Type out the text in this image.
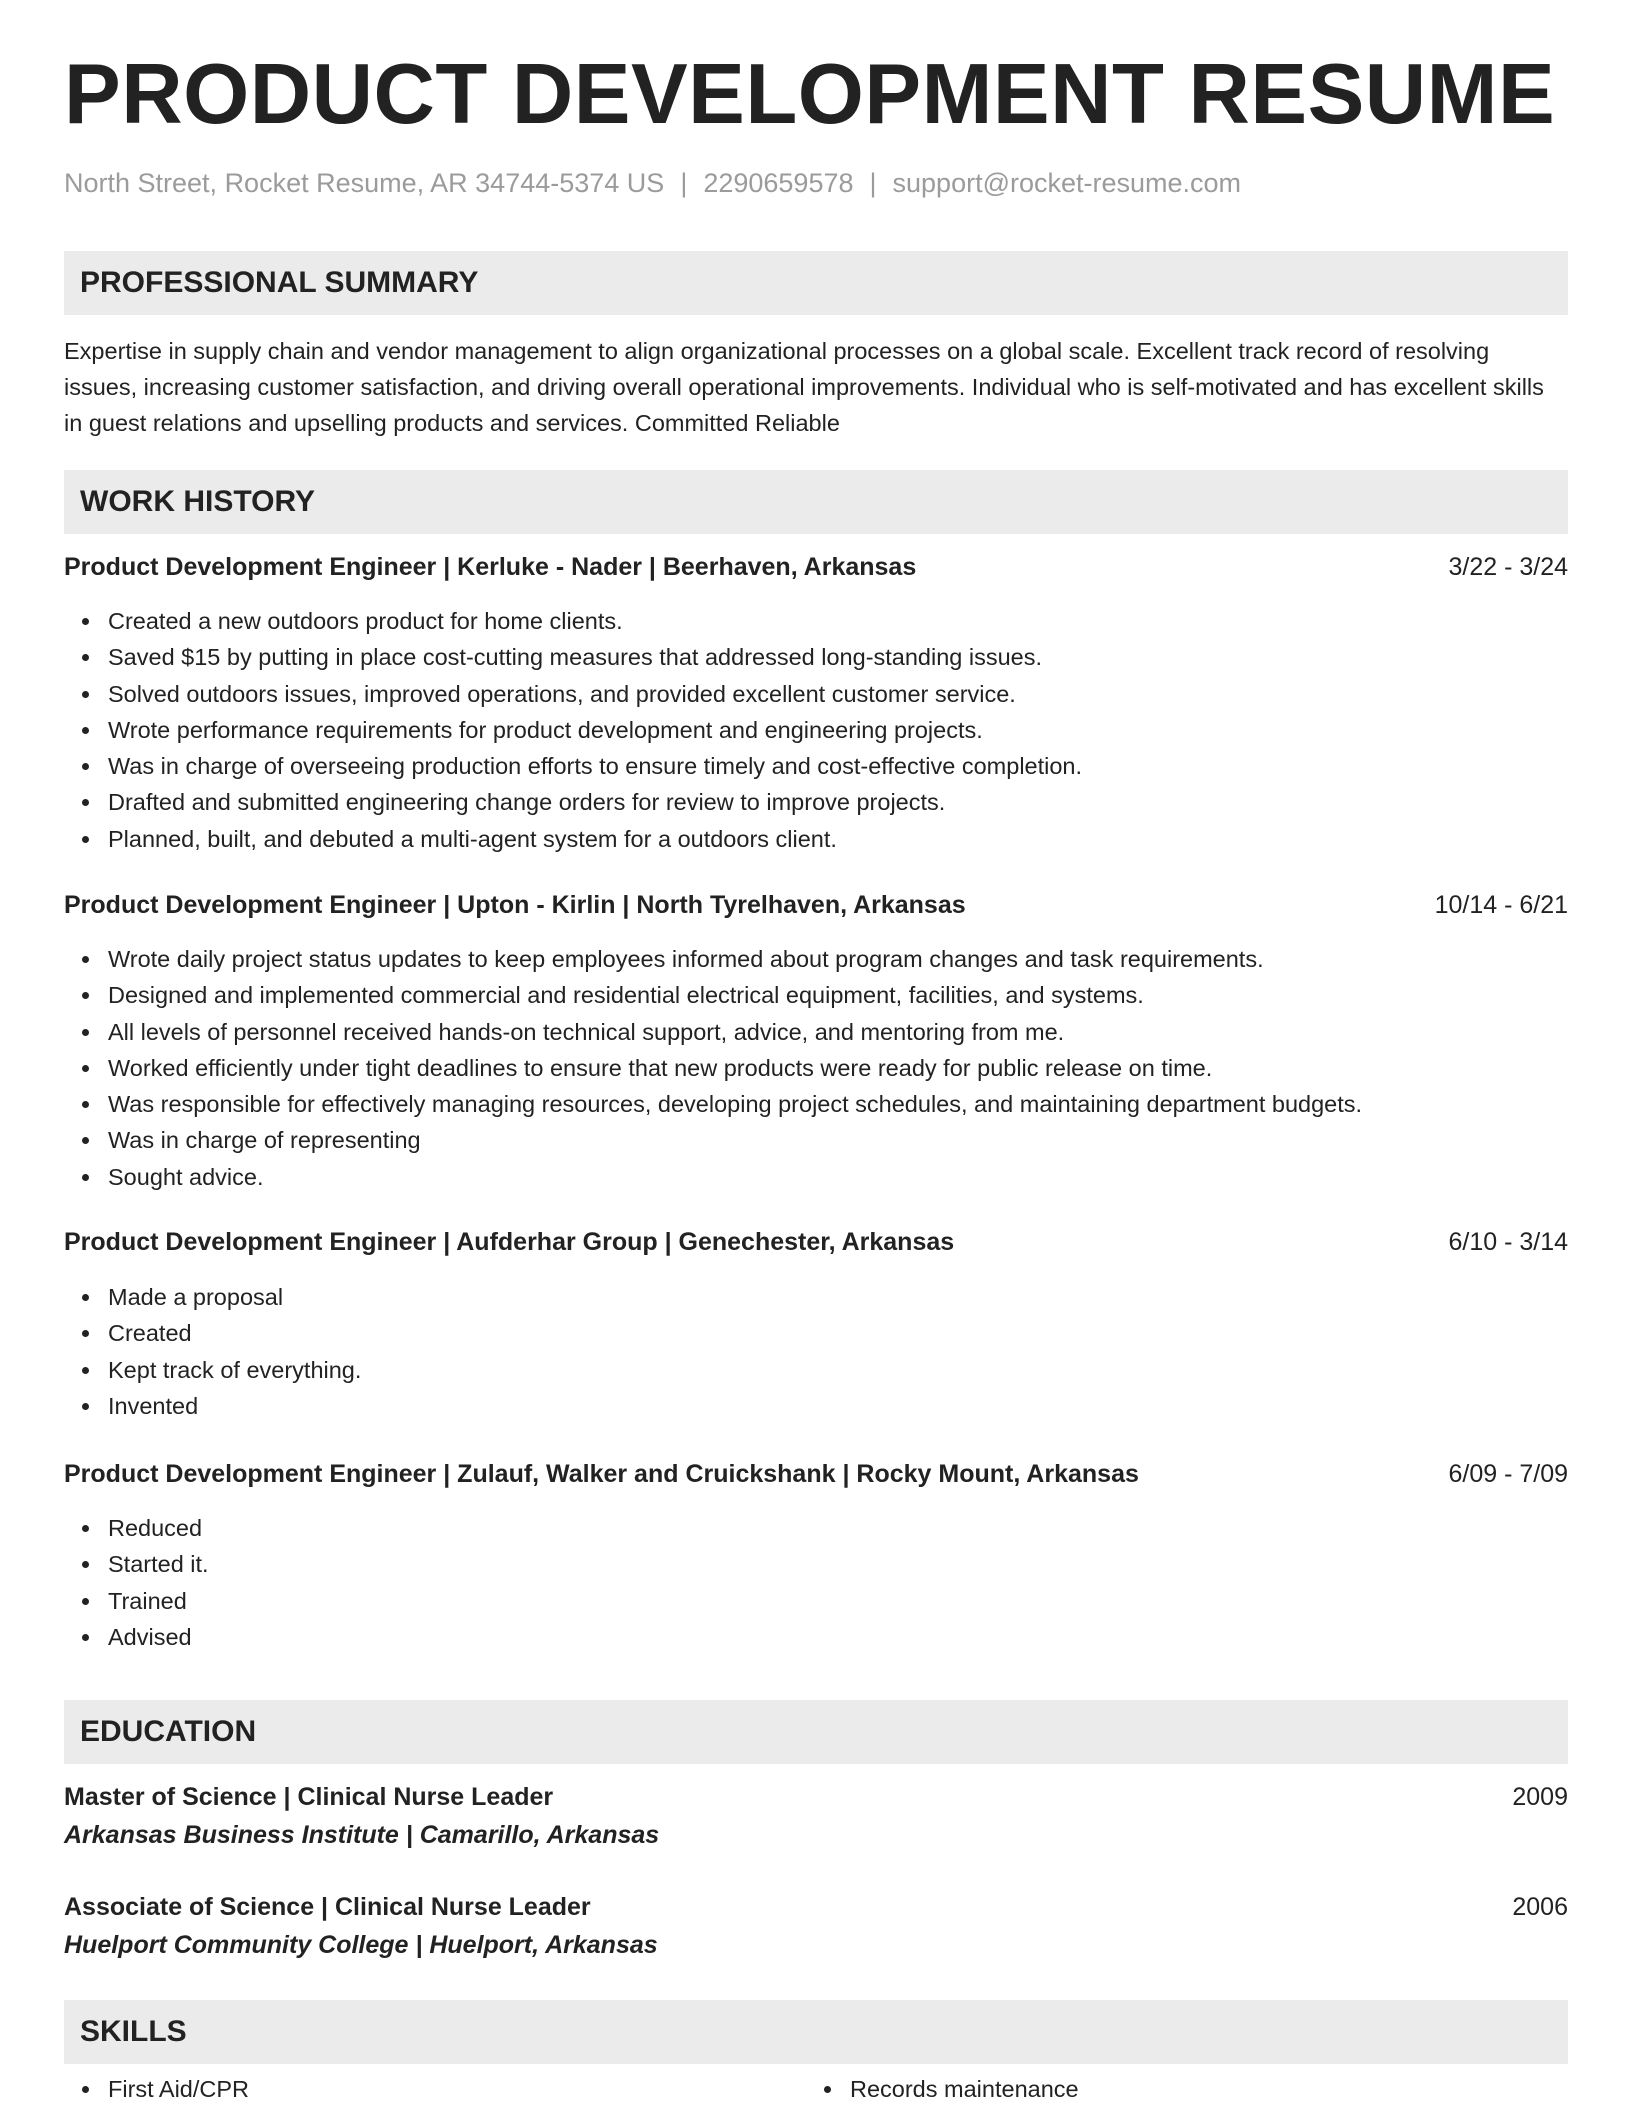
PRODUCT DEVELOPMENT RESUME
North Street, Rocket Resume, AR 34744-5374 US | 2290659578 | support@rocket-resume.com
PROFESSIONAL SUMMARY
Expertise in supply chain and vendor management to align organizational processes on a global scale. Excellent track record of resolving issues, increasing customer satisfaction, and driving overall operational improvements. Individual who is self-motivated and has excellent skills in guest relations and upselling products and services. Committed Reliable
WORK HISTORY
Product Development Engineer | Kerluke - Nader | Beerhaven, Arkansas	3/22 - 3/24
Created a new outdoors product for home clients.
Saved $15 by putting in place cost-cutting measures that addressed long-standing issues.
Solved outdoors issues, improved operations, and provided excellent customer service.
Wrote performance requirements for product development and engineering projects.
Was in charge of overseeing production efforts to ensure timely and cost-effective completion.
Drafted and submitted engineering change orders for review to improve projects.
Planned, built, and debuted a multi-agent system for a outdoors client.
Product Development Engineer | Upton - Kirlin | North Tyrelhaven, Arkansas	10/14 - 6/21
Wrote daily project status updates to keep employees informed about program changes and task requirements.
Designed and implemented commercial and residential electrical equipment, facilities, and systems.
All levels of personnel received hands-on technical support, advice, and mentoring from me.
Worked efficiently under tight deadlines to ensure that new products were ready for public release on time.
Was responsible for effectively managing resources, developing project schedules, and maintaining department budgets.
Was in charge of representing
Sought advice.
Product Development Engineer | Aufderhar Group | Genechester, Arkansas	6/10 - 3/14
Made a proposal
Created
Kept track of everything.
Invented
Product Development Engineer | Zulauf, Walker and Cruickshank | Rocky Mount, Arkansas	6/09 - 7/09
Reduced
Started it.
Trained
Advised
EDUCATION
Master of Science | Clinical Nurse Leader	2009
Arkansas Business Institute | Camarillo, Arkansas
Associate of Science | Clinical Nurse Leader	2006
Huelport Community College | Huelport, Arkansas
SKILLS
First Aid/CPR	Records maintenance
